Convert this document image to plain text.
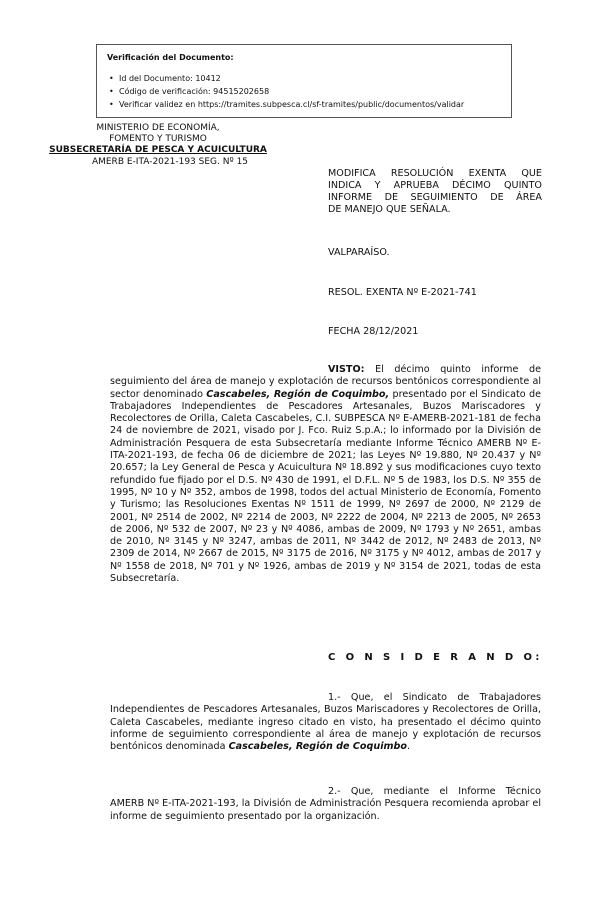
Verificación del Documento:
• Id del Documento: 10412
• Código de verificación: 94515202658
• Verificar validez en https://tramites.subpesca.cl/sf-tramites/public/documentos/validar
MINISTERIO DE ECONOMÍA,
FOMENTO Y TURISMO
SUBSECRETARÍA DE PESCA Y ACUICULTURA
AMERB E-ITA-2021-193 SEG. Nº 15
MODIFICA RESOLUCIÓN EXENTA QUE
INDICA Y APRUEBA DÉCIMO QUINTO
INFORME DE SEGUIMIENTO DE ÁREA
DE MANEJO QUE SEÑALA.
VALPARAÍSO.
RESOL. EXENTA Nº E-2021-741
FECHA 28/12/2021
VISTO: El décimo quinto informe de seguimiento del área de manejo y explotación de recursos bentónicos correspondiente al sector denominado Cascabeles, Región de Coquimbo, presentado por el Sindicato de Trabajadores Independientes de Pescadores Artesanales, Buzos Mariscadores y Recolectores de Orilla, Caleta Cascabeles, C.I. SUBPESCA Nº E-AMERB-2021-181 de fecha 24 de noviembre de 2021, visado por J. Fco. Ruiz S.p.A.; lo informado por la División de Administración Pesquera de esta Subsecretaría mediante Informe Técnico AMERB Nº E-ITA-2021-193, de fecha 06 de diciembre de 2021; las Leyes Nº 19.880, Nº 20.437 y Nº 20.657; la Ley General de Pesca y Acuicultura Nº 18.892 y sus modificaciones cuyo texto refundido fue fijado por el D.S. Nº 430 de 1991, el D.F.L. Nº 5 de 1983, los D.S. Nº 355 de 1995, Nº 10 y Nº 352, ambos de 1998, todos del actual Ministerio de Economía, Fomento y Turismo; las Resoluciones Exentas Nº 1511 de 1999, Nº 2697 de 2000, Nº 2129 de 2001, Nº 2514 de 2002, Nº 2214 de 2003, Nº 2222 de 2004, Nº 2213 de 2005, Nº 2653 de 2006, Nº 532 de 2007, Nº 23 y Nº 4086, ambas de 2009, Nº 1793 y Nº 2651, ambas de 2010, Nº 3145 y Nº 3247, ambas de 2011, Nº 3442 de 2012, Nº 2483 de 2013, Nº 2309 de 2014, Nº 2667 de 2015, Nº 3175 de 2016, Nº 3175 y Nº 4012, ambas de 2017 y Nº 1558 de 2018, Nº 701 y Nº 1926, ambas de 2019 y Nº 3154 de 2021, todas de esta Subsecretaría.
C O N S I D E R A N D O:
1.- Que, el Sindicato de Trabajadores Independientes de Pescadores Artesanales, Buzos Mariscadores y Recolectores de Orilla, Caleta Cascabeles, mediante ingreso citado en visto, ha presentado el décimo quinto informe de seguimiento correspondiente al área de manejo y explotación de recursos bentónicos denominada Cascabeles, Región de Coquimbo.
2.- Que, mediante el Informe Técnico AMERB Nº E-ITA-2021-193, la División de Administración Pesquera recomienda aprobar el informe de seguimiento presentado por la organización.
